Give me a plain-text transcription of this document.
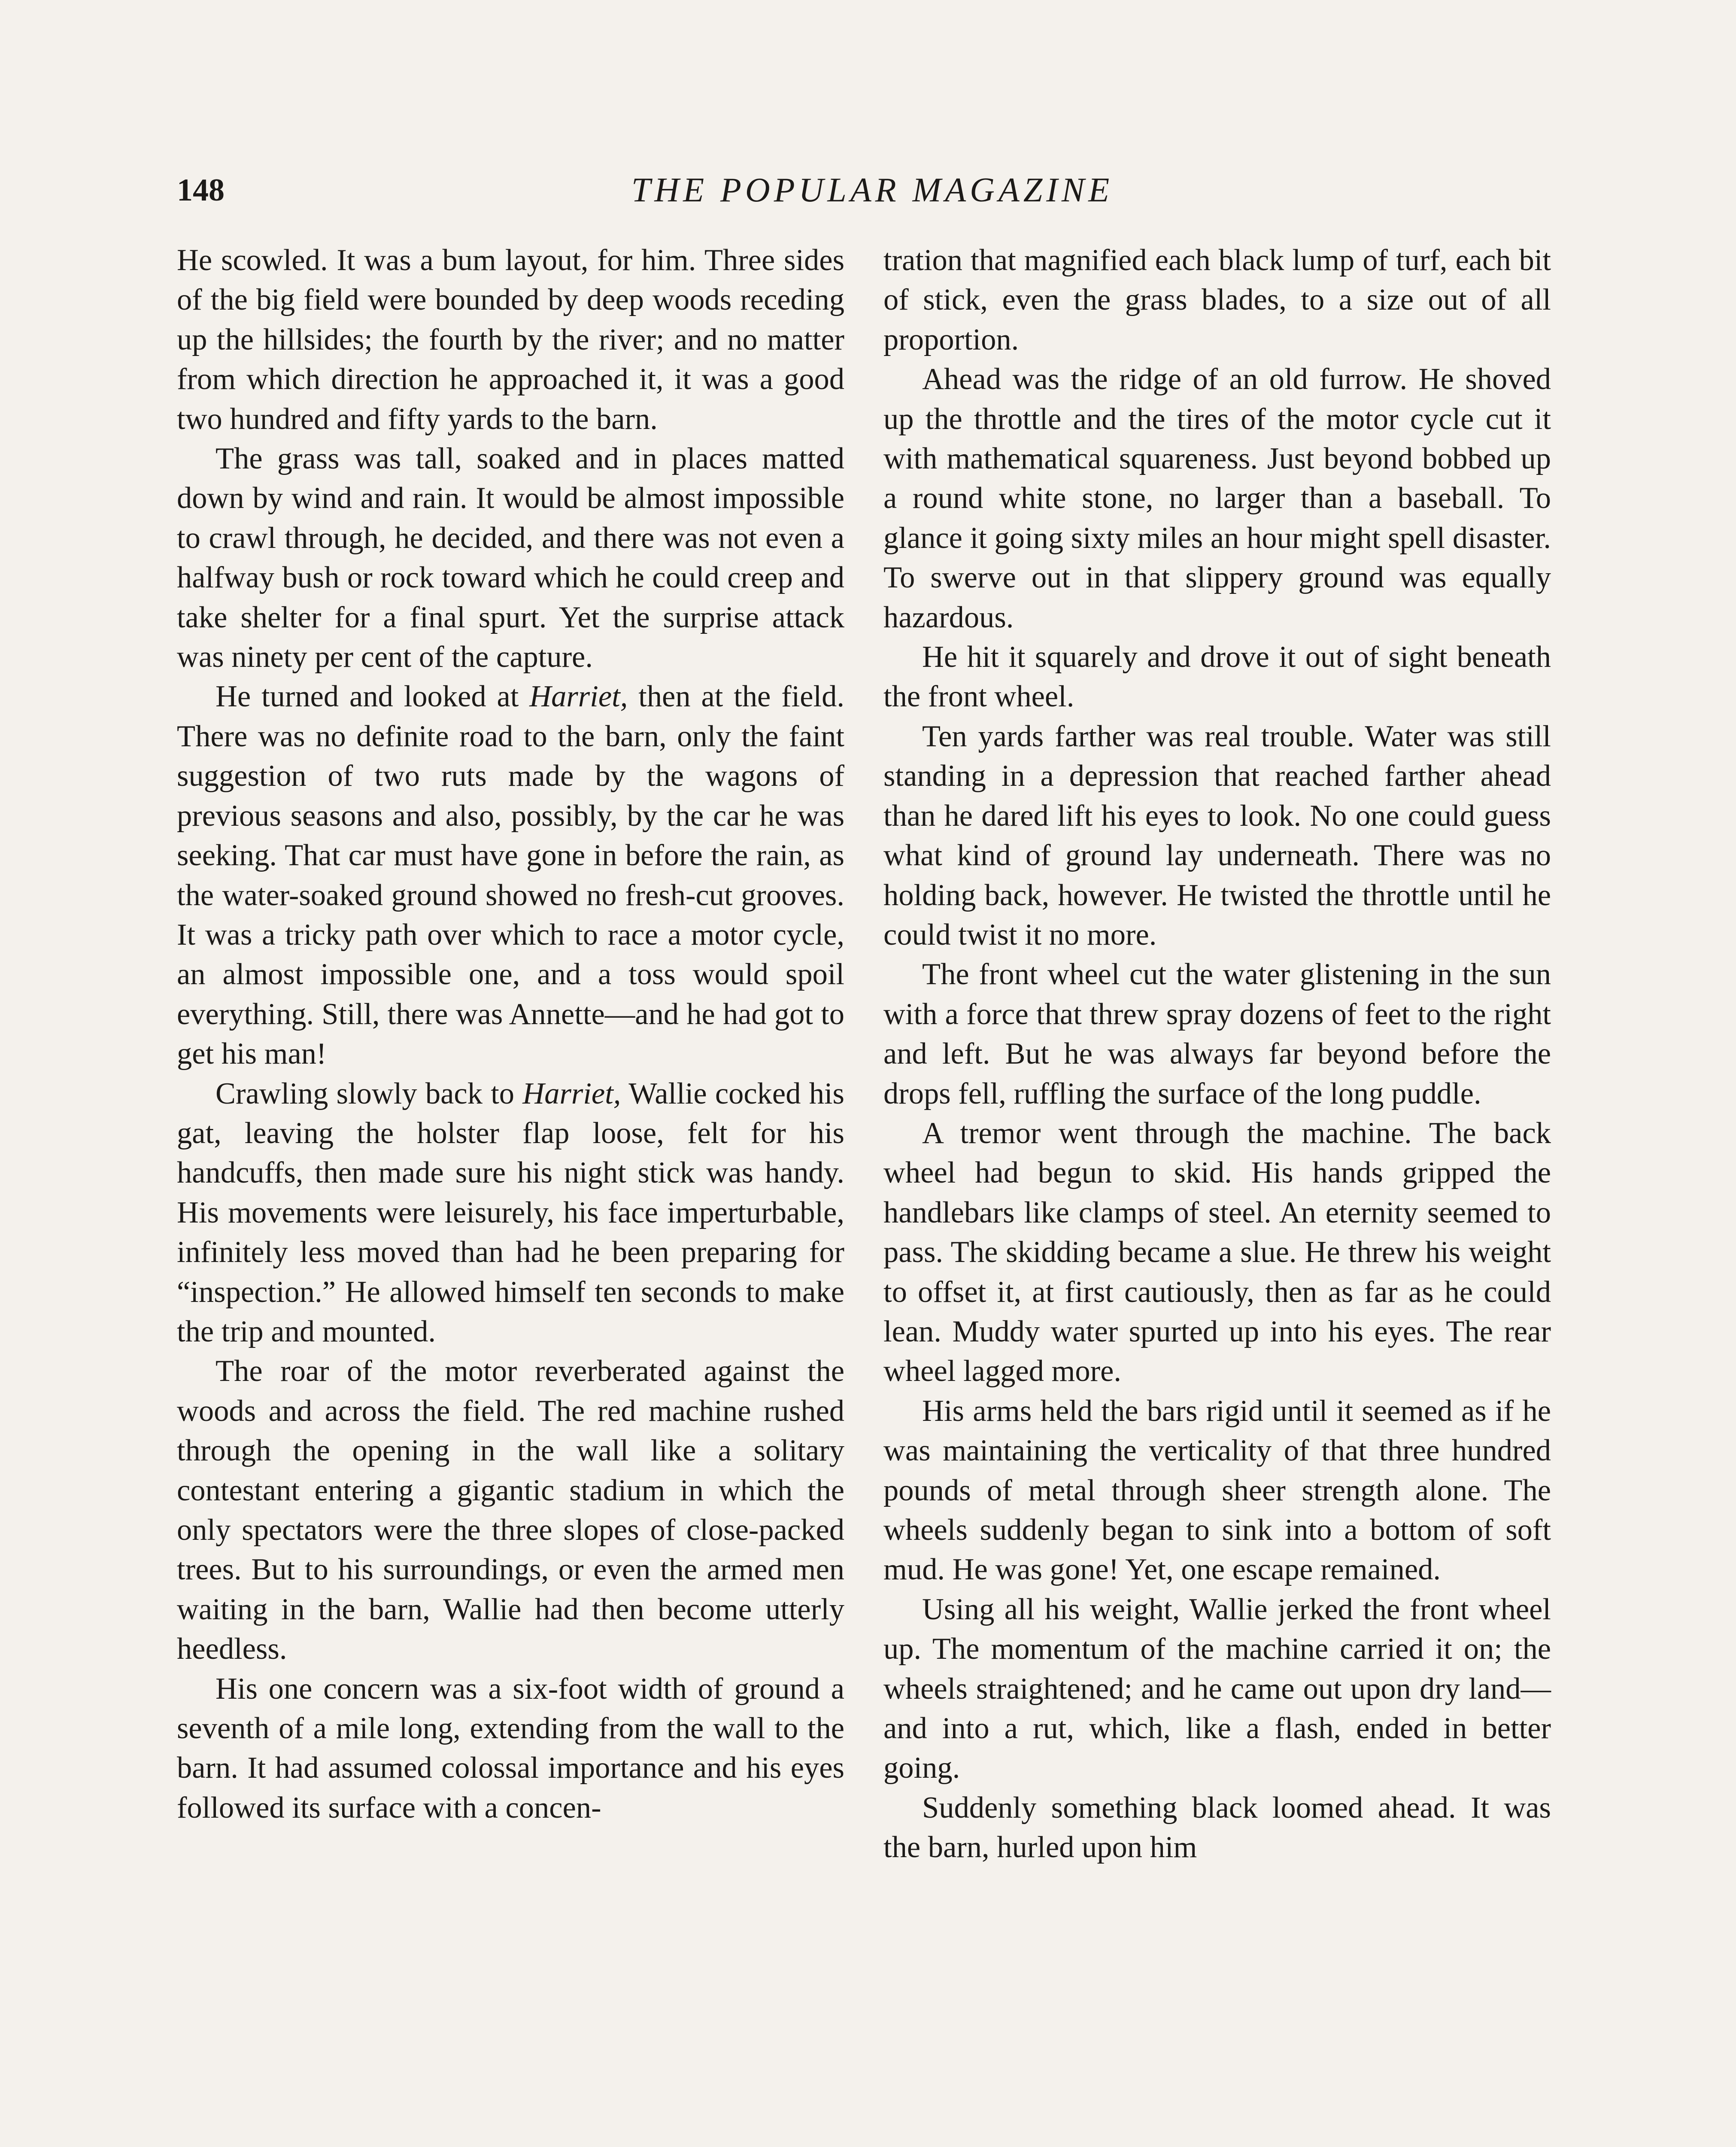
148	THE POPULAR MAGAZINE

He scowled. It was a bum layout, for him. Three sides of the big field were bounded by deep woods receding up the hillsides; the fourth by the river; and no matter from which direction he approached it, it was a good two hundred and fifty yards to the barn.

The grass was tall, soaked and in places matted down by wind and rain. It would be almost impossible to crawl through, he decided, and there was not even a halfway bush or rock toward which he could creep and take shelter for a final spurt. Yet the surprise attack was ninety per cent of the capture.

He turned and looked at Harriet, then at the field. There was no definite road to the barn, only the faint suggestion of two ruts made by the wagons of previous seasons and also, possibly, by the car he was seeking. That car must have gone in before the rain, as the water-soaked ground showed no fresh-cut grooves. It was a tricky path over which to race a motor cycle, an almost impossible one, and a toss would spoil everything. Still, there was Annette—and he had got to get his man!

Crawling slowly back to Harriet, Wallie cocked his gat, leaving the holster flap loose, felt for his handcuffs, then made sure his night stick was handy. His movements were leisurely, his face imperturbable, infinitely less moved than had he been preparing for “inspection.” He allowed himself ten seconds to make the trip and mounted.

The roar of the motor reverberated against the woods and across the field. The red machine rushed through the opening in the wall like a solitary contestant entering a gigantic stadium in which the only spectators were the three slopes of close-packed trees. But to his surroundings, or even the armed men waiting in the barn, Wallie had then become utterly heedless.

His one concern was a six-foot width of ground a seventh of a mile long, extending from the wall to the barn. It had assumed colossal importance and his eyes followed its surface with a concen-

tration that magnified each black lump of turf, each bit of stick, even the grass blades, to a size out of all proportion.

Ahead was the ridge of an old furrow. He shoved up the throttle and the tires of the motor cycle cut it with mathematical squareness. Just beyond bobbed up a round white stone, no larger than a baseball. To glance it going sixty miles an hour might spell disaster. To swerve out in that slippery ground was equally hazardous.

He hit it squarely and drove it out of sight beneath the front wheel.

Ten yards farther was real trouble. Water was still standing in a depression that reached farther ahead than he dared lift his eyes to look. No one could guess what kind of ground lay underneath. There was no holding back, however. He twisted the throttle until he could twist it no more.

The front wheel cut the water glistening in the sun with a force that threw spray dozens of feet to the right and left. But he was always far beyond before the drops fell, ruffling the surface of the long puddle.

A tremor went through the machine. The back wheel had begun to skid. His hands gripped the handlebars like clamps of steel. An eternity seemed to pass. The skidding became a slue. He threw his weight to offset it, at first cautiously, then as far as he could lean. Muddy water spurted up into his eyes. The rear wheel lagged more.

His arms held the bars rigid until it seemed as if he was maintaining the verticality of that three hundred pounds of metal through sheer strength alone. The wheels suddenly began to sink into a bottom of soft mud. He was gone! Yet, one escape remained.

Using all his weight, Wallie jerked the front wheel up. The momentum of the machine carried it on; the wheels straightened; and he came out upon dry land—and into a rut, which, like a flash, ended in better going.

Suddenly something black loomed ahead. It was the barn, hurled upon him
